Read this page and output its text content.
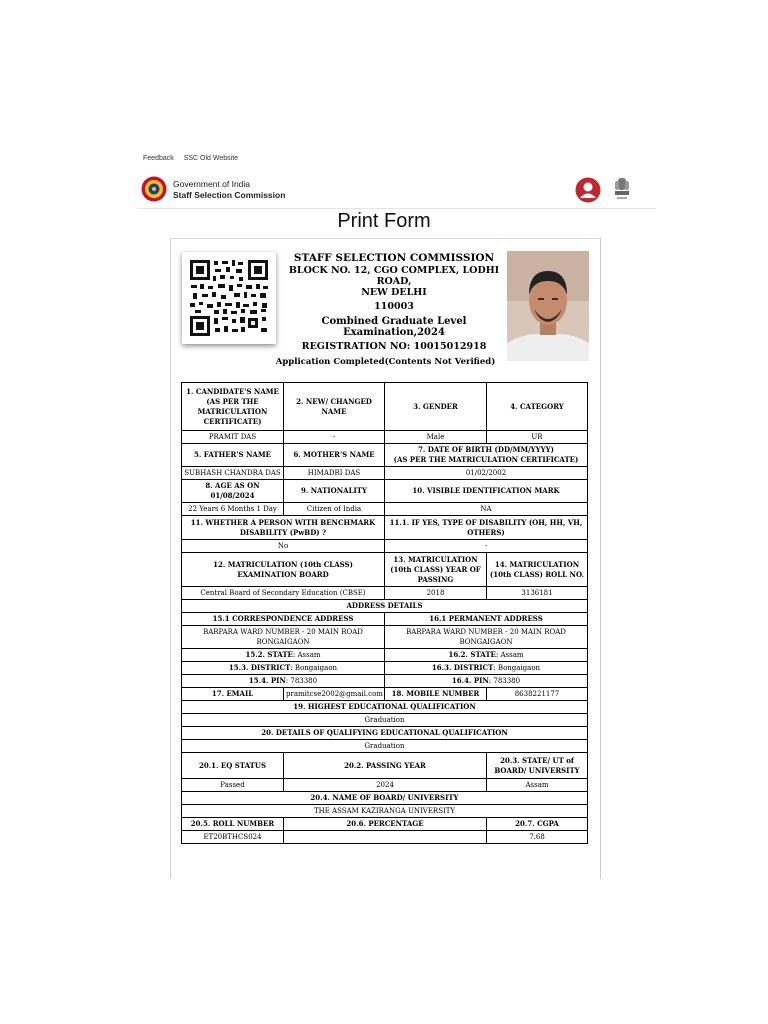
Feedback SSC Old Website
Government of India
Staff Selection Commission
Print Form
STAFF SELECTION COMMISSION
BLOCK NO. 12, CGO COMPLEX, LODHI ROAD,
NEW DELHI
110003
Combined Graduate Level Examination,2024
REGISTRATION NO: 10015012918
Application Completed(Contents Not Verified)
1. CANDIDATE'S NAME (AS PER THE MATRICULATION CERTIFICATE)	2. NEW/ CHANGED NAME	3. GENDER	4. CATEGORY
PRAMIT DAS	-	Male	UR
5. FATHER'S NAME	6. MOTHER'S NAME	7. DATE OF BIRTH (DD/MM/YYYY)
(AS PER THE MATRICULATION CERTIFICATE)	
SUBHASH CHANDRA DAS	HIMADRI DAS	01/02/2002	
8. AGE AS ON 01/08/2024	9. NATIONALITY	10. VISIBLE IDENTIFICATION MARK	
22 Years 6 Months 1 Day	Citizen of India	NA	
11. WHETHER A PERSON WITH BENCHMARK DISABILITY (PwBD) ?		11.1. IF YES, TYPE OF DISABILITY (OH, HH, VH, OTHERS)	
No		-	
12. MATRICULATION (10th CLASS) EXAMINATION BOARD		13. MATRICULATION (10th CLASS) YEAR OF PASSING	14. MATRICULATION (10th CLASS) ROLL NO.
Central Board of Secondary Education (CBSE)		2018	3136181
ADDRESS DETAILS			
15.1 CORRESPONDENCE ADDRESS		16.1 PERMANENT ADDRESS	
BARPARA WARD NUMBER - 20 MAIN ROAD
BONGAIGAON		BARPARA WARD NUMBER - 20 MAIN ROAD
BONGAIGAON	
15.2. STATE: Assam		16.2. STATE: Assam	
15.3. DISTRICT: Bongaigaon		16.3. DISTRICT: Bongaigaon	
15.4. PIN: 783380		16.4. PIN: 783380	
17. EMAIL	pramitcse2002@gmail.com	18. MOBILE NUMBER	8638221177
19. HIGHEST EDUCATIONAL QUALIFICATION			
Graduation			
20. DETAILS OF QUALIFYING EDUCATIONAL QUALIFICATION			
Graduation			
20.1. EQ STATUS	20.2. PASSING YEAR		20.3. STATE/ UT of BOARD/ UNIVERSITY
Passed	2024		Assam
20.4. NAME OF BOARD/ UNIVERSITY			
THE ASSAM KAZIRANGA UNIVERSITY			
20.5. ROLL NUMBER	20.6. PERCENTAGE		20.7. CGPA
ET20BTHCS024			7.68
